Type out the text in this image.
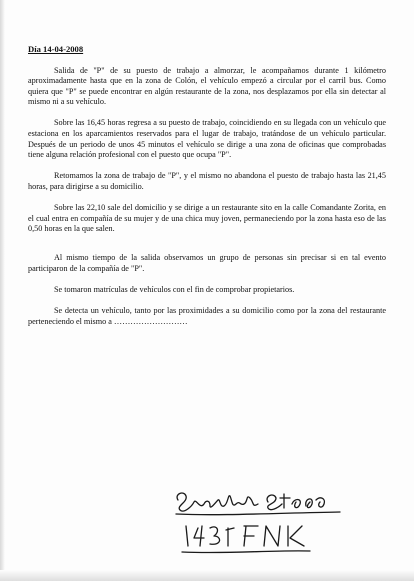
Día 14-04-2008

Salida de "P" de su puesto de trabajo a almorzar, le acompañamos durante 1 kilómetro aproximadamente hasta que en la zona de Colón, el vehículo empezó a circular por el carril bus. Como quiera que "P" se puede encontrar en algún restaurante de la zona, nos desplazamos por ella sin detectar al mismo ni a su vehículo.

Sobre las 16,45 horas regresa a su puesto de trabajo, coincidiendo en su llegada con un vehículo que estaciona en los aparcamientos reservados para el lugar de trabajo, tratándose de un vehículo particular. Después de un periodo de unos 45 minutos el vehículo se dirige a una zona de oficinas que comprobadas tiene alguna relación profesional con el puesto que ocupa "P".

Retomamos la zona de trabajo de "P", y el mismo no abandona el puesto de trabajo hasta las 21,45 horas, para dirigirse a su domicilio.

Sobre las 22,10 sale del domicilio y se dirige a un restaurante sito en la calle Comandante Zorita, en el cual entra en compañía de su mujer y de una chica muy joven, permaneciendo por la zona hasta eso de las 0,50 horas en la que salen.

Al mismo tiempo de la salida observamos un grupo de personas sin precisar si en tal evento participaron de la compañía de "P".

Se tomaron matrículas de vehículos con el fin de comprobar propietarios.

Se detecta un vehículo, tanto por las proximidades a su domicilio como por la zona del restaurante perteneciendo el mismo a ………………………
